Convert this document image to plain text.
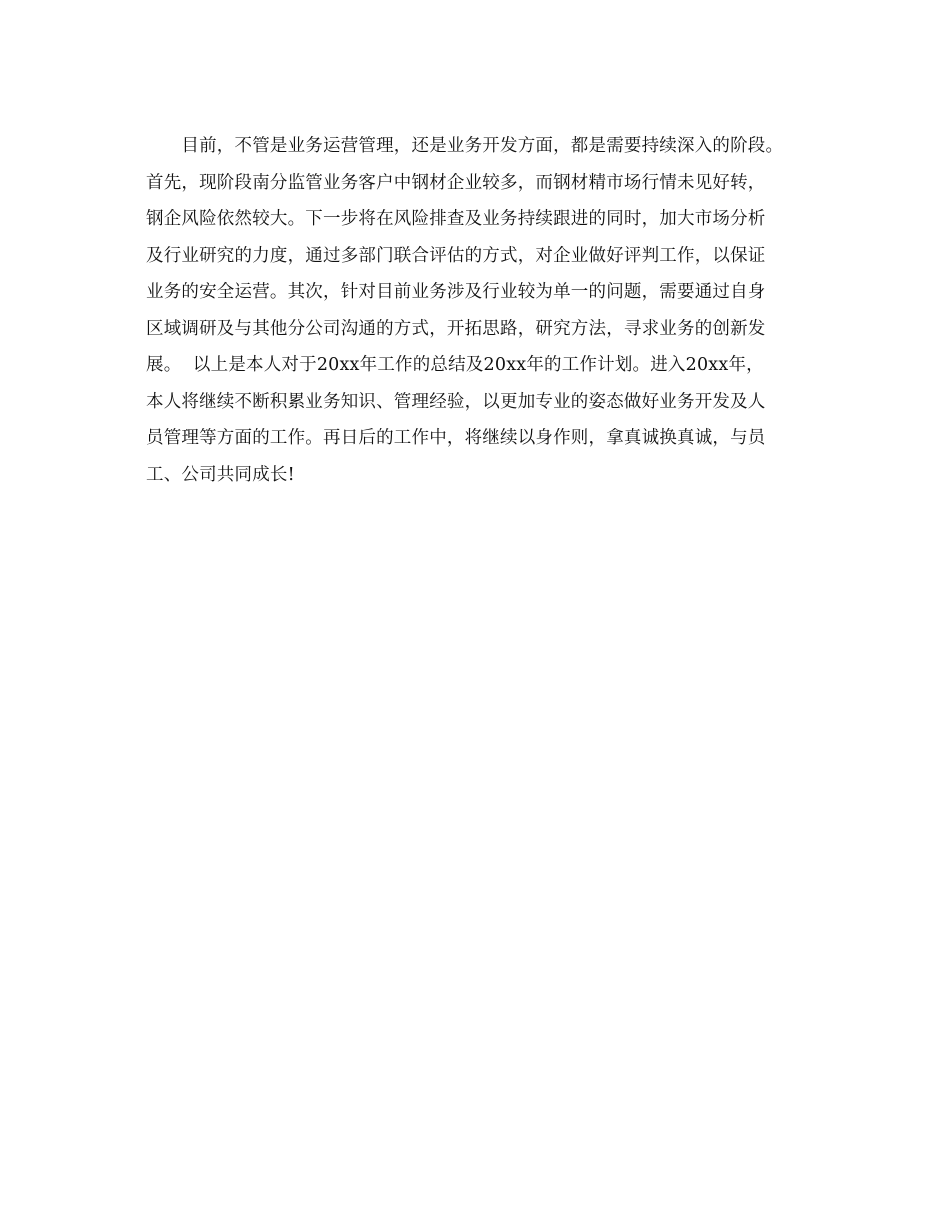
　　目前，不管是业务运营管理，还是业务开发方面，都是需要持续深入的阶段。
首先，现阶段南分监管业务客户中钢材企业较多，而钢材精市场行情未见好转，
钢企风险依然较大。下一步将在风险排查及业务持续跟进的同时，加大市场分析
及行业研究的力度，通过多部门联合评估的方式，对企业做好评判工作，以保证
业务的安全运营。其次，针对目前业务涉及行业较为单一的问题，需要通过自身
区域调研及与其他分公司沟通的方式，开拓思路，研究方法，寻求业务的创新发
展。  以上是本人对于20xx年工作的总结及20xx年的工作计划。进入20xx年，
本人将继续不断积累业务知识、管理经验，以更加专业的姿态做好业务开发及人
员管理等方面的工作。再日后的工作中，将继续以身作则，拿真诚换真诚，与员
工、公司共同成长!
